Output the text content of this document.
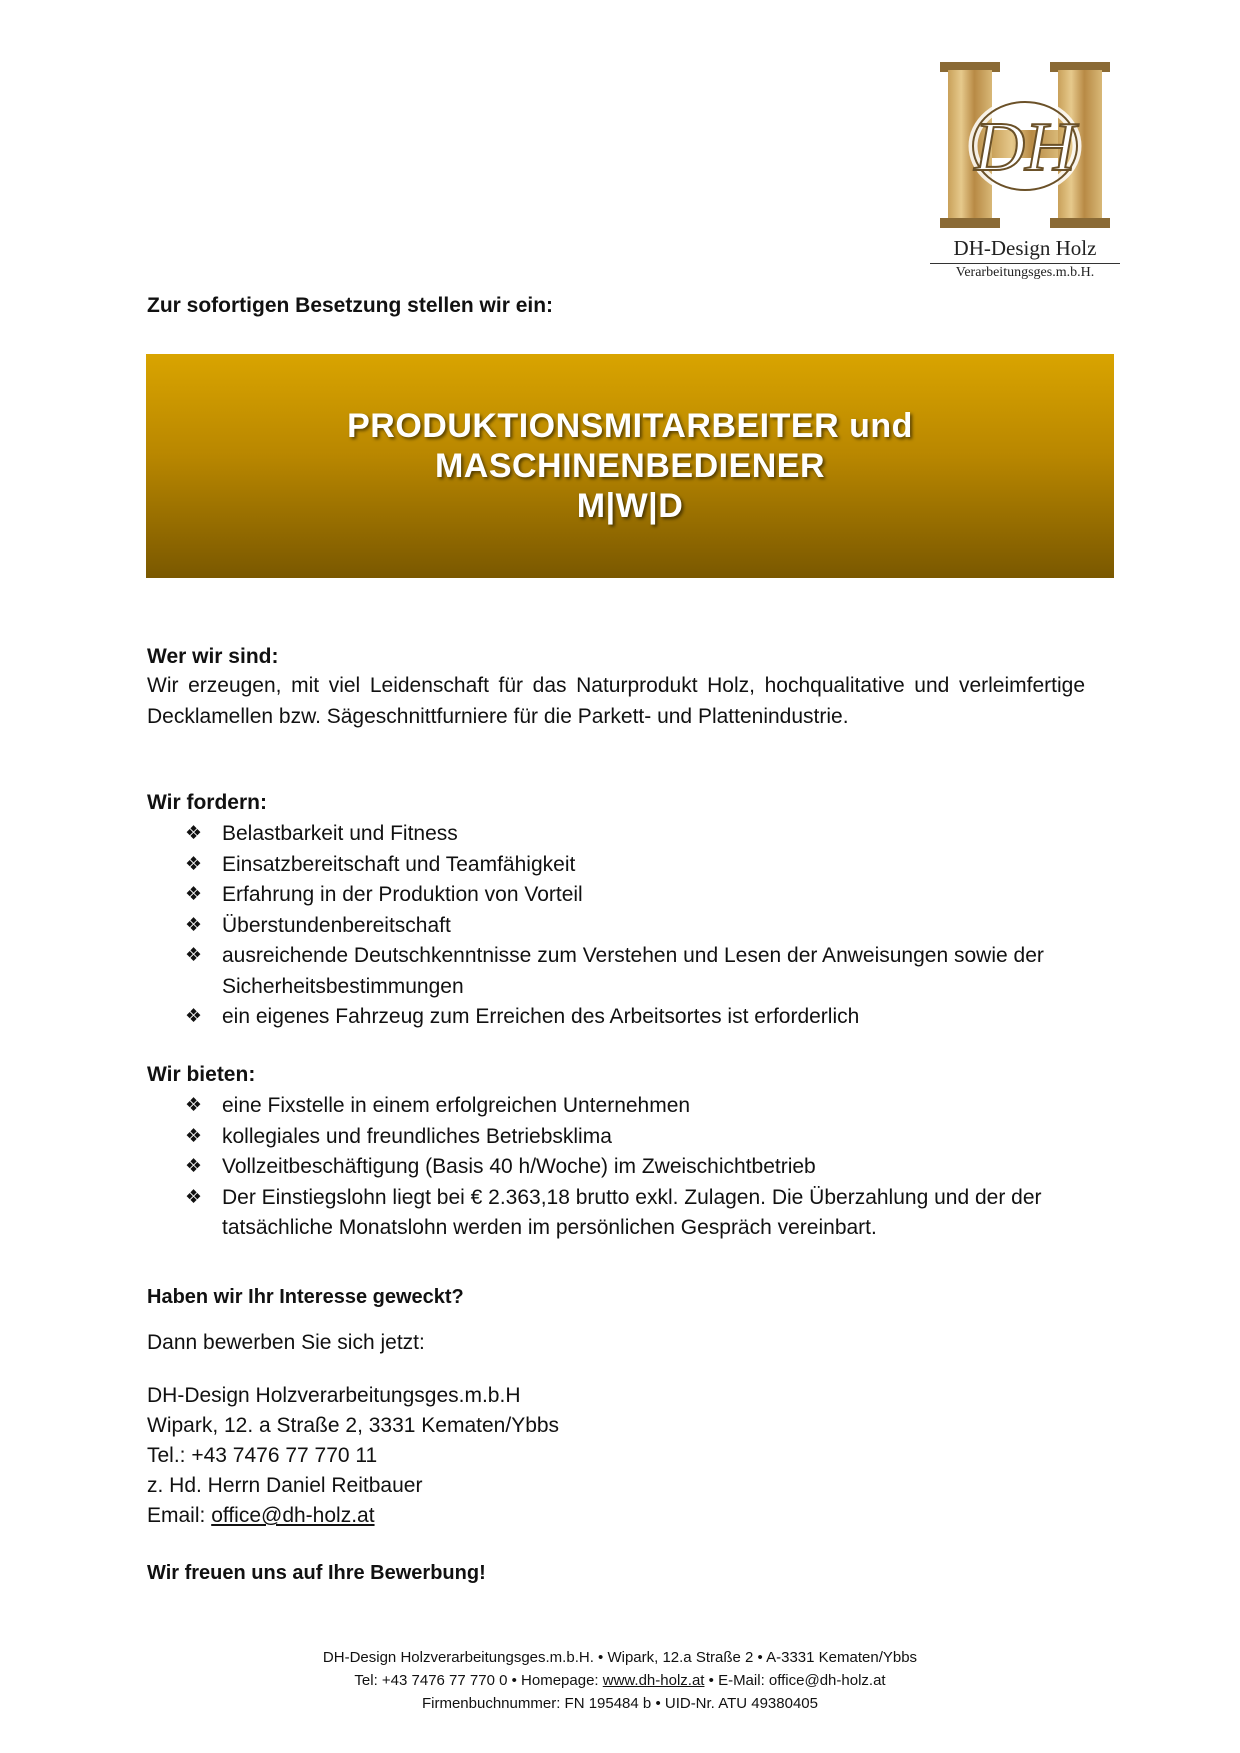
DH
DH-Design Holz
Verarbeitungsges.m.b.H.
Zur sofortigen Besetzung stellen wir ein:
PRODUKTIONSMITARBEITER und
MASCHINENBEDIENER
M|W|D
Wer wir sind:
Wir erzeugen, mit viel Leidenschaft für das Naturprodukt Holz, hochqualitative und verleimfertige Decklamellen bzw. Sägeschnittfurniere für die Parkett- und Plattenindustrie.
Wir fordern:
❖ Belastbarkeit und Fitness
❖ Einsatzbereitschaft und Teamfähigkeit
❖ Erfahrung in der Produktion von Vorteil
❖ Überstundenbereitschaft
❖ ausreichende Deutschkenntnisse zum Verstehen und Lesen der Anweisungen sowie der Sicherheitsbestimmungen
❖ ein eigenes Fahrzeug zum Erreichen des Arbeitsortes ist erforderlich
Wir bieten:
❖ eine Fixstelle in einem erfolgreichen Unternehmen
❖ kollegiales und freundliches Betriebsklima
❖ Vollzeitbeschäftigung (Basis 40 h/Woche) im Zweischichtbetrieb
❖ Der Einstiegslohn liegt bei € 2.363,18 brutto exkl. Zulagen. Die Überzahlung und der der tatsächliche Monatslohn werden im persönlichen Gespräch vereinbart.
Haben wir Ihr Interesse geweckt?
Dann bewerben Sie sich jetzt:
DH-Design Holzverarbeitungsges.m.b.H
Wipark, 12. a Straße 2, 3331 Kematen/Ybbs
Tel.: +43 7476 77 770 11
z. Hd. Herrn Daniel Reitbauer
Email: office@dh-holz.at
Wir freuen uns auf Ihre Bewerbung!
DH-Design Holzverarbeitungsges.m.b.H. • Wipark, 12.a Straße 2 • A-3331 Kematen/Ybbs
Tel: +43 7476 77 770 0 • Homepage: www.dh-holz.at • E-Mail: office@dh-holz.at
Firmenbuchnummer: FN 195484 b • UID-Nr. ATU 49380405
